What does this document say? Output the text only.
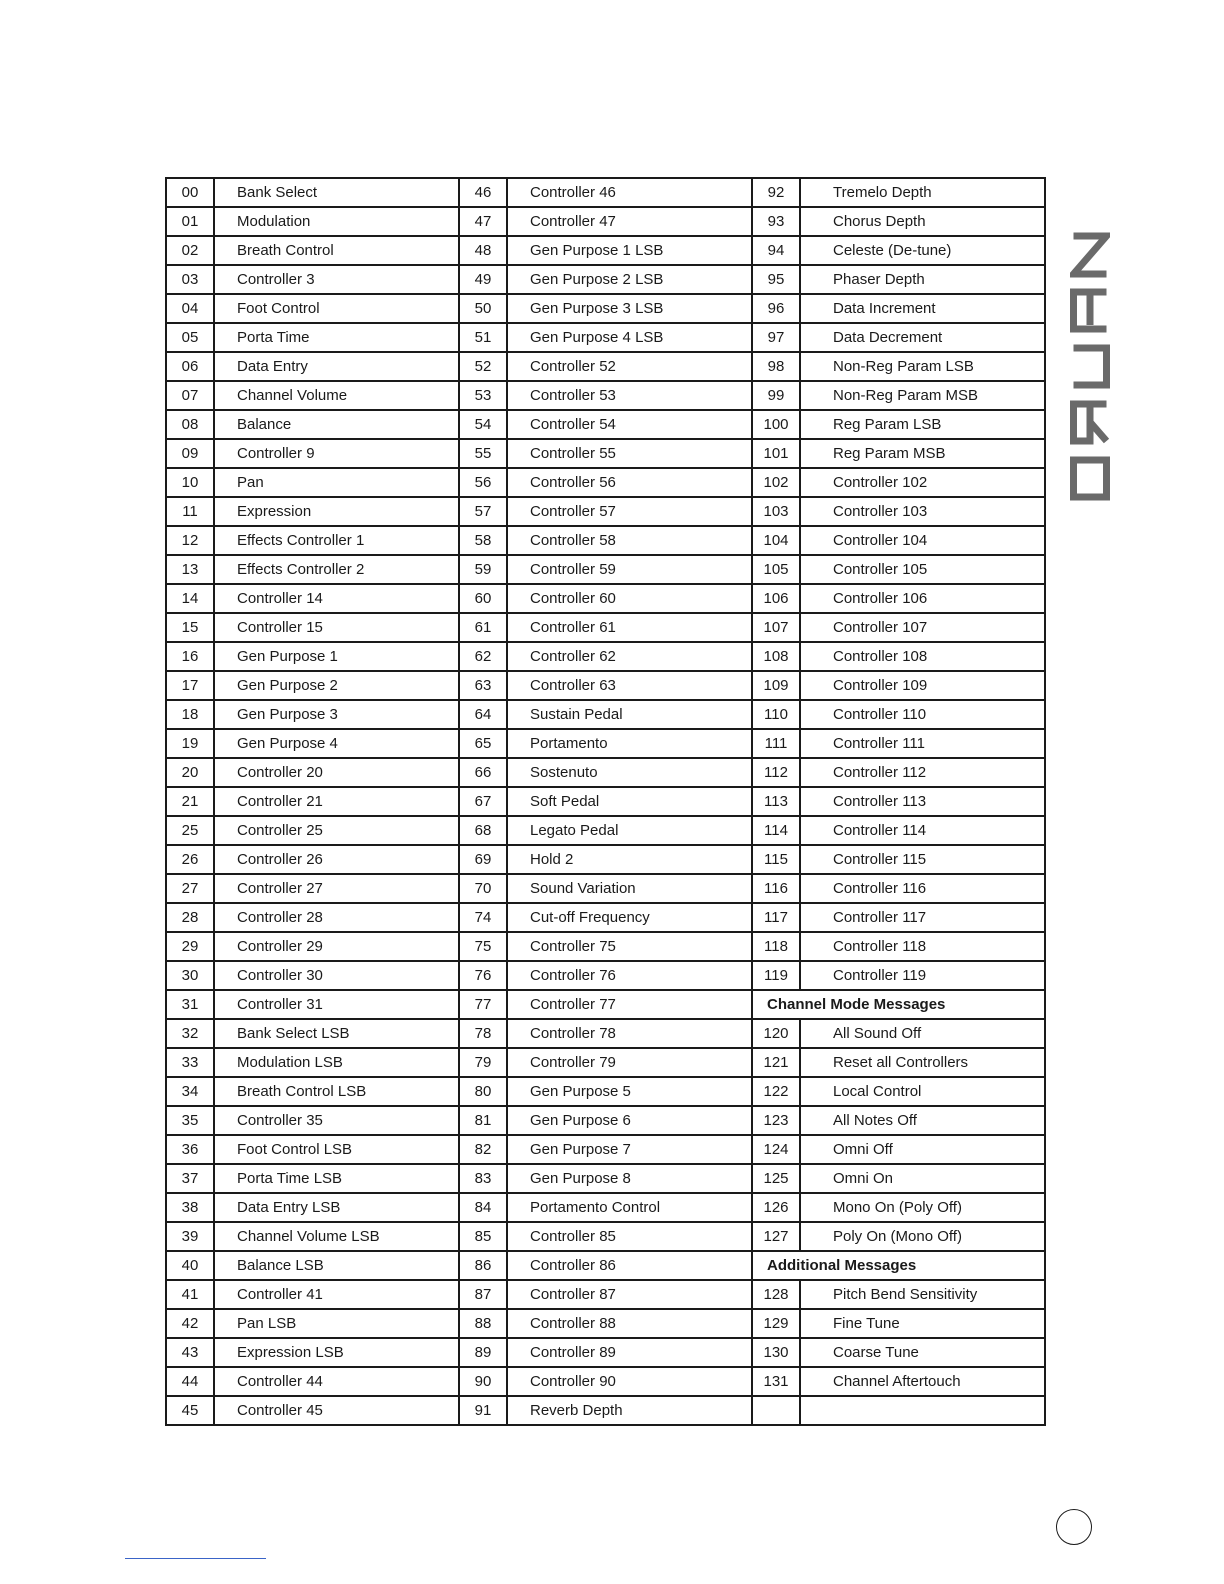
00	Bank Select	46	Controller 46	92	Tremelo Depth
01	Modulation	47	Controller 47	93	Chorus Depth
02	Breath Control	48	Gen Purpose 1 LSB	94	Celeste (De-tune)
03	Controller 3	49	Gen Purpose 2 LSB	95	Phaser Depth
04	Foot Control	50	Gen Purpose 3 LSB	96	Data Increment
05	Porta Time	51	Gen Purpose 4 LSB	97	Data Decrement
06	Data Entry	52	Controller 52	98	Non-Reg Param LSB
07	Channel Volume	53	Controller 53	99	Non-Reg Param MSB
08	Balance	54	Controller 54	100	Reg Param LSB
09	Controller 9	55	Controller 55	101	Reg Param MSB
10	Pan	56	Controller 56	102	Controller 102
11	Expression	57	Controller 57	103	Controller 103
12	Effects Controller 1	58	Controller 58	104	Controller 104
13	Effects Controller 2	59	Controller 59	105	Controller 105
14	Controller 14	60	Controller 60	106	Controller 106
15	Controller 15	61	Controller 61	107	Controller 107
16	Gen Purpose 1	62	Controller 62	108	Controller 108
17	Gen Purpose 2	63	Controller 63	109	Controller 109
18	Gen Purpose 3	64	Sustain Pedal	110	Controller 110
19	Gen Purpose 4	65	Portamento	111	Controller 111
20	Controller 20	66	Sostenuto	112	Controller 112
21	Controller 21	67	Soft Pedal	113	Controller 113
25	Controller 25	68	Legato Pedal	114	Controller 114
26	Controller 26	69	Hold 2	115	Controller 115
27	Controller 27	70	Sound Variation	116	Controller 116
28	Controller 28	74	Cut-off Frequency	117	Controller 117
29	Controller 29	75	Controller 75	118	Controller 118
30	Controller 30	76	Controller 76	119	Controller 119
31	Controller 31	77	Controller 77	Channel Mode Messages	
32	Bank Select LSB	78	Controller 78	120	All Sound Off
33	Modulation LSB	79	Controller 79	121	Reset all Controllers
34	Breath Control LSB	80	Gen Purpose 5	122	Local Control
35	Controller 35	81	Gen Purpose 6	123	All Notes Off
36	Foot Control LSB	82	Gen Purpose 7	124	Omni Off
37	Porta Time LSB	83	Gen Purpose 8	125	Omni On
38	Data Entry LSB	84	Portamento Control	126	Mono On (Poly Off)
39	Channel Volume LSB	85	Controller 85	127	Poly On (Mono Off)
40	Balance LSB	86	Controller 86	Additional Messages	
41	Controller 41	87	Controller 87	128	Pitch Bend Sensitivity
42	Pan LSB	88	Controller 88	129	Fine Tune
43	Expression LSB	89	Controller 89	130	Coarse Tune
44	Controller 44	90	Controller 90	131	Channel Aftertouch
45	Controller 45	91	Reverb Depth		
